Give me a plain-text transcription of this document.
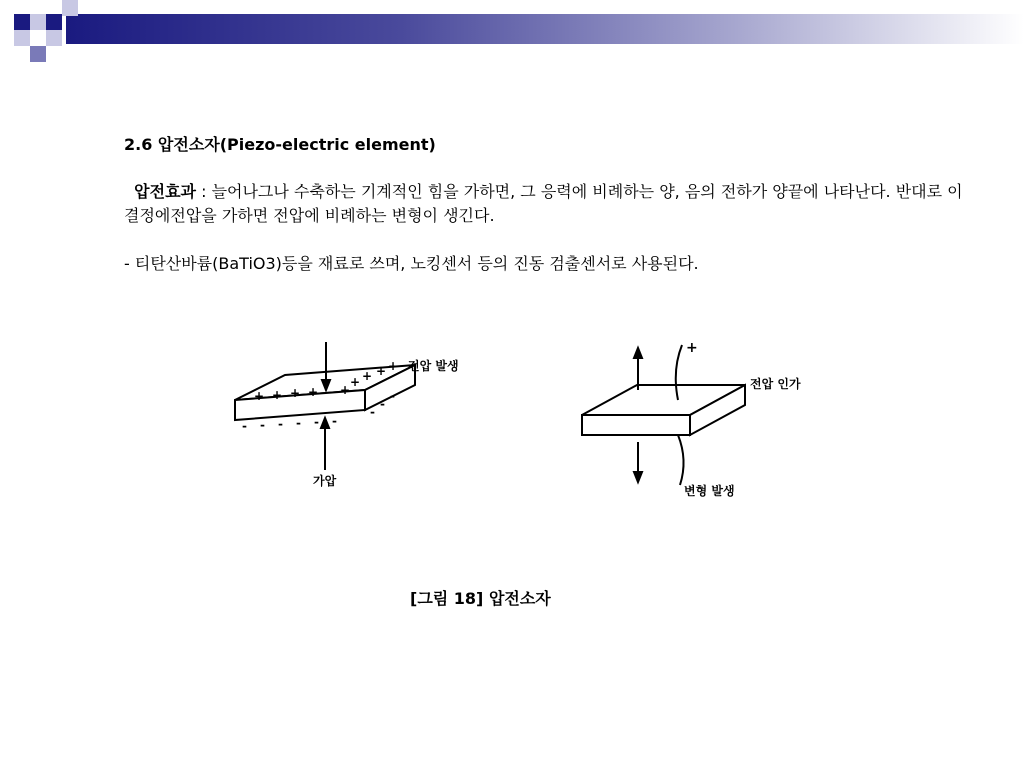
2.6 압전소자(Piezo-electric element)
압전효과 : 늘어나그나 수축하는 기계적인 힘을 가하면, 그 응력에 비례하는 양, 음의 전하가 양끝에 나타난다. 반대로 이 결정에전압을 가하면 전압에 비례하는 변형이 생긴다.
- 티탄산바륨(BaTiO3)등을 재료로 쓰며, 노킹센서 등의 진동 검출센서로 사용된다.
+ + + + +
+ + + +
- - - - - -
-
-
-
전압 발생
가압
+
전압 인가
변형 발생
[그림 18] 압전소자
